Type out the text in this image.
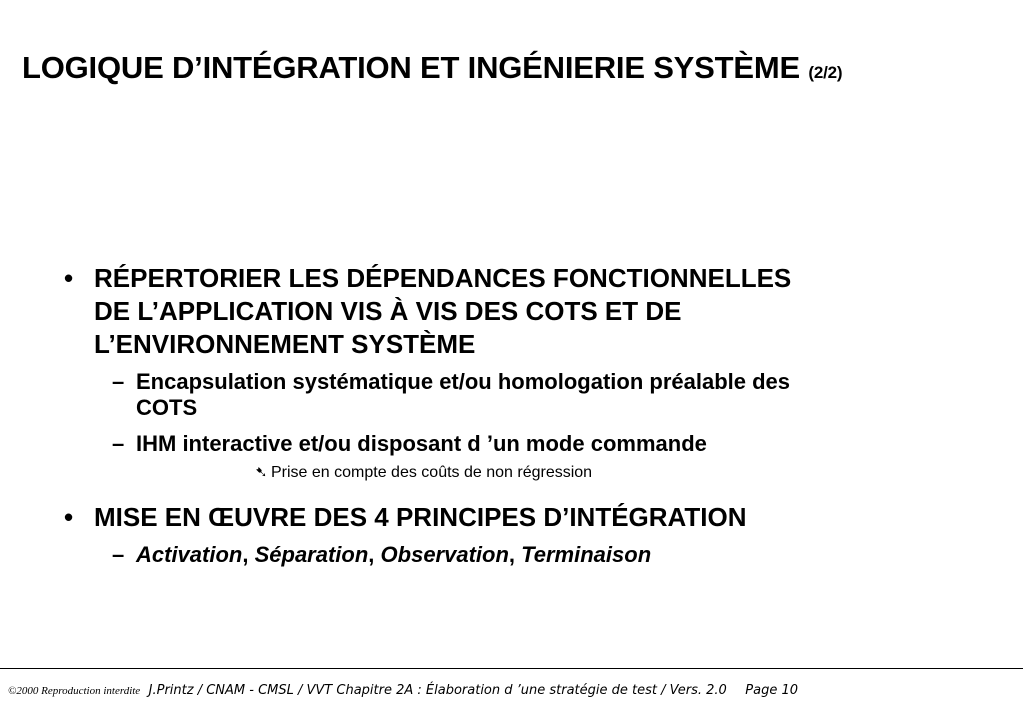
LOGIQUE D’INTÉGRATION ET INGÉNIERIE SYSTÈME (2/2)
• RÉPERTORIER LES DÉPENDANCES FONCTIONNELLES
DE L’APPLICATION VIS À VIS DES COTS ET DE
L’ENVIRONNEMENT SYSTÈME
– Encapsulation systématique et/ou homologation préalable des
COTS
– IHM interactive et/ou disposant d ’un mode commande
➷ Prise en compte des coûts de non régression
• MISE EN ŒUVRE DES 4 PRINCIPES D’INTÉGRATION
– Activation, Séparation, Observation, Terminaison
©2000 Reproduction interdite J.Printz / CNAM - CMSL / VVT Chapitre 2A : Élaboration d ’une stratégie de test / Vers. 2.0 Page 10
